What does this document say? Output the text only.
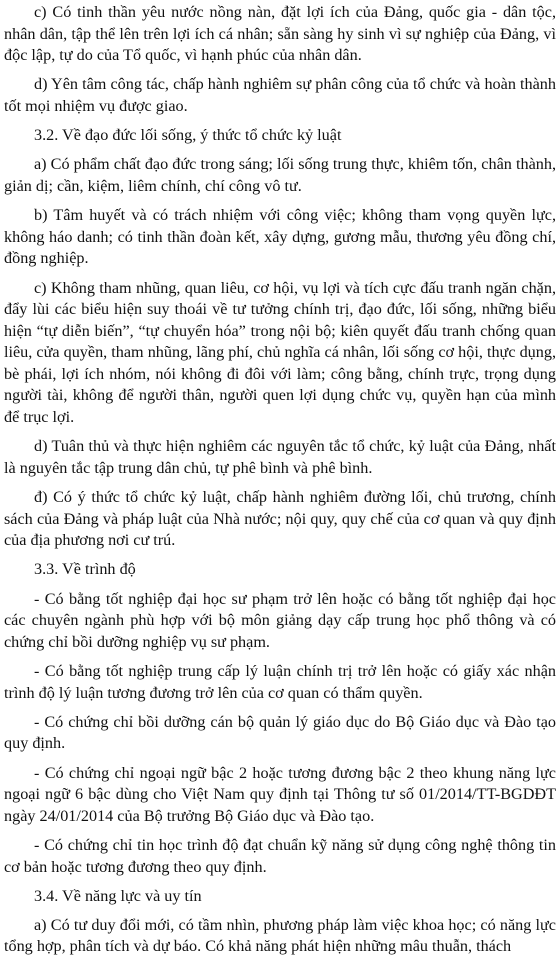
c) Có tinh thần yêu nước nồng nàn, đặt lợi ích của Đảng, quốc gia - dân tộc, nhân dân, tập thể lên trên lợi ích cá nhân; sẵn sàng hy sinh vì sự nghiệp của Đảng, vì độc lập, tự do của Tổ quốc, vì hạnh phúc của nhân dân.

d) Yên tâm công tác, chấp hành nghiêm sự phân công của tổ chức và hoàn thành tốt mọi nhiệm vụ được giao.

3.2. Về đạo đức lối sống, ý thức tổ chức kỷ luật

a) Có phẩm chất đạo đức trong sáng; lối sống trung thực, khiêm tốn, chân thành, giản dị; cần, kiệm, liêm chính, chí công vô tư.

b) Tâm huyết và có trách nhiệm với công việc; không tham vọng quyền lực, không háo danh; có tinh thần đoàn kết, xây dựng, gương mẫu, thương yêu đồng chí, đồng nghiệp.

c) Không tham nhũng, quan liêu, cơ hội, vụ lợi và tích cực đấu tranh ngăn chặn, đẩy lùi các biểu hiện suy thoái về tư tưởng chính trị, đạo đức, lối sống, những biểu hiện “tự diễn biến”, “tự chuyển hóa” trong nội bộ; kiên quyết đấu tranh chống quan liêu, cửa quyền, tham nhũng, lãng phí, chủ nghĩa cá nhân, lối sống cơ hội, thực dụng, bè phái, lợi ích nhóm, nói không đi đôi với làm; công bằng, chính trực, trọng dụng người tài, không để người thân, người quen lợi dụng chức vụ, quyền hạn của mình để trục lợi.

d) Tuân thủ và thực hiện nghiêm các nguyên tắc tổ chức, kỷ luật của Đảng, nhất là nguyên tắc tập trung dân chủ, tự phê bình và phê bình.

đ) Có ý thức tổ chức kỷ luật, chấp hành nghiêm đường lối, chủ trương, chính sách của Đảng và pháp luật của Nhà nước; nội quy, quy chế của cơ quan và quy định của địa phương nơi cư trú.

3.3. Về trình độ

- Có bằng tốt nghiệp đại học sư phạm trở lên hoặc có bằng tốt nghiệp đại học các chuyên ngành phù hợp với bộ môn giảng dạy cấp trung học phổ thông và có chứng chỉ bồi dưỡng nghiệp vụ sư phạm.

- Có bằng tốt nghiệp trung cấp lý luận chính trị trở lên hoặc có giấy xác nhận trình độ lý luận tương đương trở lên của cơ quan có thẩm quyền.

- Có chứng chỉ bồi dưỡng cán bộ quản lý giáo dục do Bộ Giáo dục và Đào tạo quy định.

- Có chứng chỉ ngoại ngữ bậc 2 hoặc tương đương bậc 2 theo khung năng lực ngoại ngữ 6 bậc dùng cho Việt Nam quy định tại Thông tư số 01/2014/TT-BGDĐT ngày 24/01/2014 của Bộ trưởng Bộ Giáo dục và Đào tạo.

- Có chứng chỉ tin học trình độ đạt chuẩn kỹ năng sử dụng công nghệ thông tin cơ bản hoặc tương đương theo quy định.

3.4. Về năng lực và uy tín

a) Có tư duy đổi mới, có tầm nhìn, phương pháp làm việc khoa học; có năng lực tổng hợp, phân tích và dự báo. Có khả năng phát hiện những mâu thuẫn, thách
